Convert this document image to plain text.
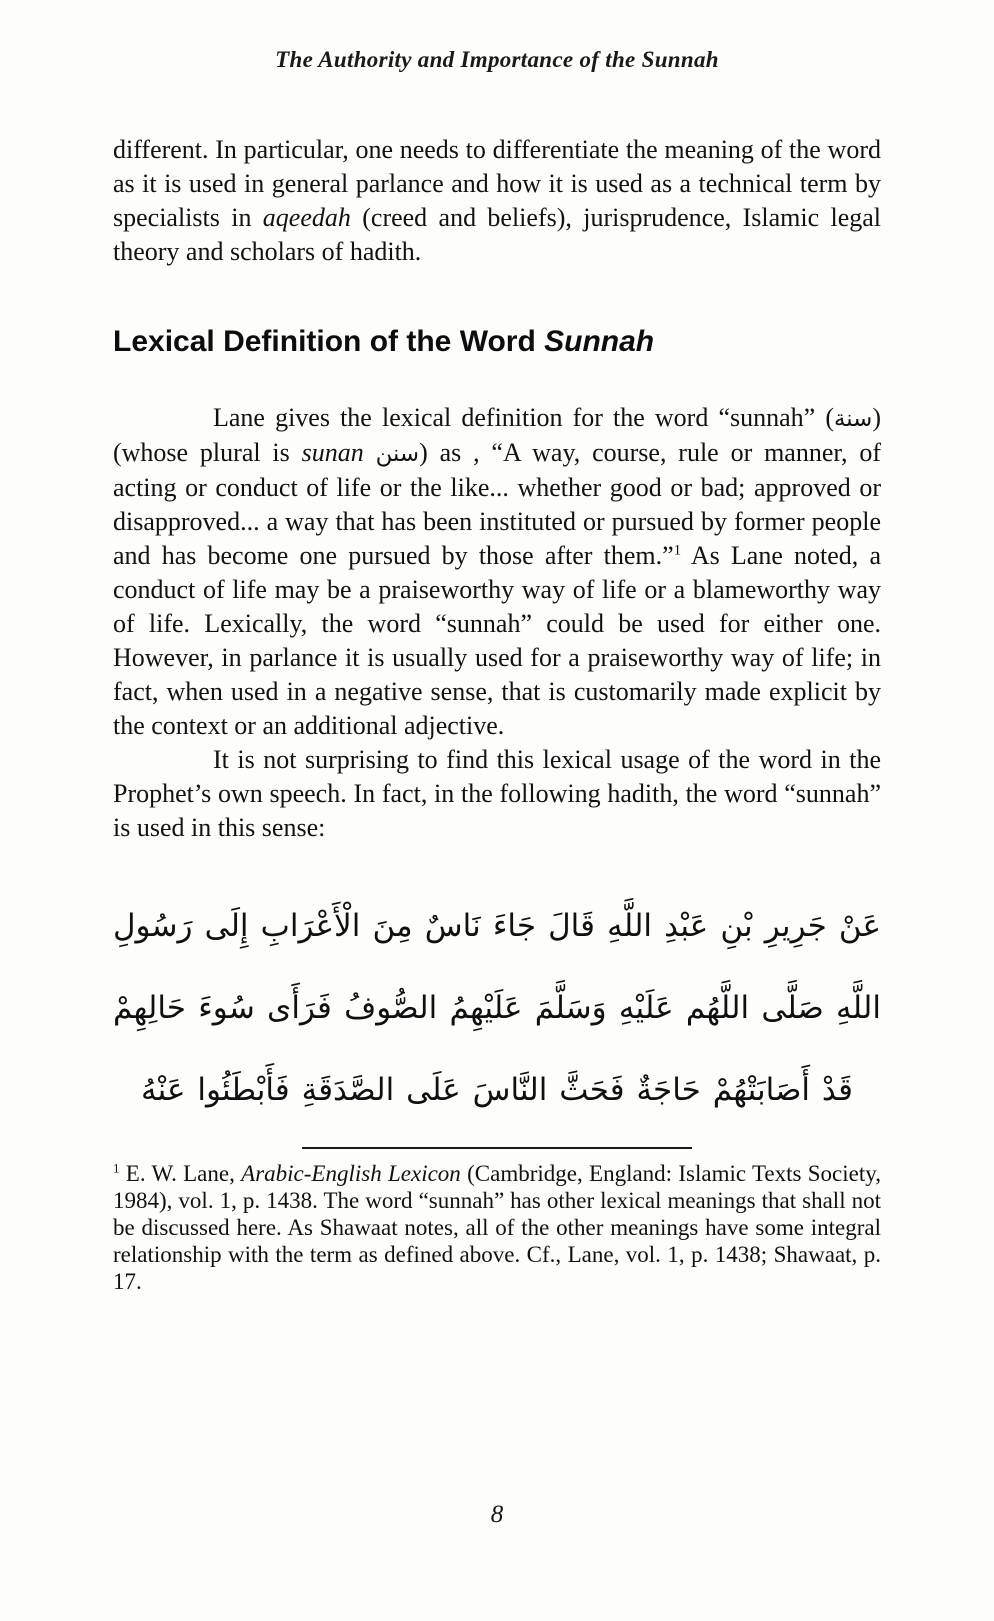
The Authority and Importance of the Sunnah

different. In particular, one needs to differentiate the meaning of the word as it is used in general parlance and how it is used as a technical term by specialists in aqeedah (creed and beliefs), jurisprudence, Islamic legal theory and scholars of hadith.

Lexical Definition of the Word Sunnah

Lane gives the lexical definition for the word “sunnah” (سنة) (whose plural is sunan سنن) as , “A way, course, rule or manner, of acting or conduct of life or the like... whether good or bad; approved or disapproved... a way that has been instituted or pursued by former people and has become one pursued by those after them.”$^1$ As Lane noted, a conduct of life may be a praiseworthy way of life or a blameworthy way of life. Lexically, the word “sunnah” could be used for either one. However, in parlance it is usually used for a praiseworthy way of life; in fact, when used in a negative sense, that is customarily made explicit by the context or an additional adjective.

It is not surprising to find this lexical usage of the word in the Prophet’s own speech. In fact, in the following hadith, the word “sunnah” is used in this sense:

عَنْ جَرِيرِ بْنِ عَبْدِ اللَّهِ قَالَ جَاءَ نَاسٌ مِنَ الْأَعْرَابِ إِلَى رَسُولِ
اللَّهِ صَلَّى اللَّهُم عَلَيْهِ وَسَلَّمَ عَلَيْهِمُ الصُّوفُ فَرَأَى سُوءَ حَالِهِمْ
قَدْ أَصَابَتْهُمْ حَاجَةٌ فَحَثَّ النَّاسَ عَلَى الصَّدَقَةِ فَأَبْطَئُوا عَنْهُ

$^1$ E. W. Lane, Arabic-English Lexicon (Cambridge, England: Islamic Texts Society, 1984), vol. 1, p. 1438. The word “sunnah” has other lexical meanings that shall not be discussed here. As Shawaat notes, all of the other meanings have some integral relationship with the term as defined above. Cf., Lane, vol. 1, p. 1438; Shawaat, p. 17.

8
